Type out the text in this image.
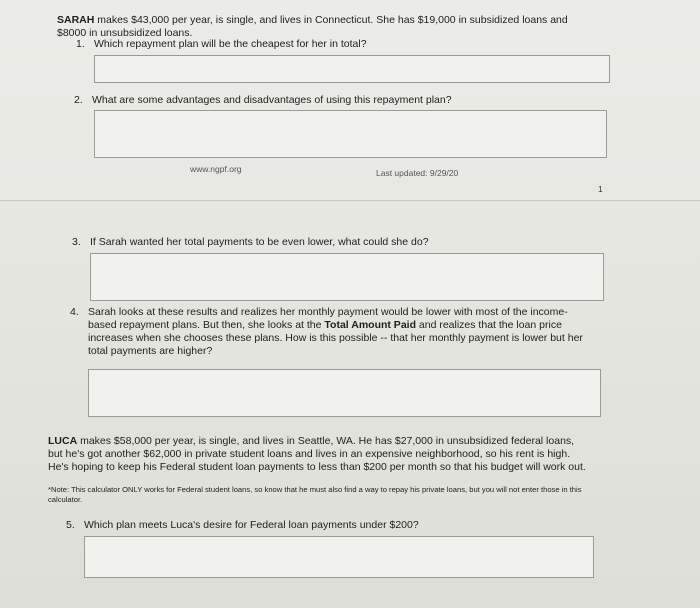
SARAH makes $43,000 per year, is single, and lives in Connecticut. She has $19,000 in subsidized loans and $8000 in unsubsidized loans.
1. Which repayment plan will be the cheapest for her in total?
2. What are some advantages and disadvantages of using this repayment plan?
www.ngpf.org	Last updated: 9/29/20
1
3. If Sarah wanted her total payments to be even lower, what could she do?
4. Sarah looks at these results and realizes her monthly payment would be lower with most of the income-based repayment plans. But then, she looks at the Total Amount Paid and realizes that the loan price increases when she chooses these plans. How is this possible -- that her monthly payment is lower but her total payments are higher?
LUCA makes $58,000 per year, is single, and lives in Seattle, WA. He has $27,000 in unsubsidized federal loans, but he's got another $62,000 in private student loans and lives in an expensive neighborhood, so his rent is high. He's hoping to keep his Federal student loan payments to less than $200 per month so that his budget will work out.
*Note: This calculator ONLY works for Federal student loans, so know that he must also find a way to repay his private loans, but you will not enter those in this calculator.
5. Which plan meets Luca's desire for Federal loan payments under $200?
